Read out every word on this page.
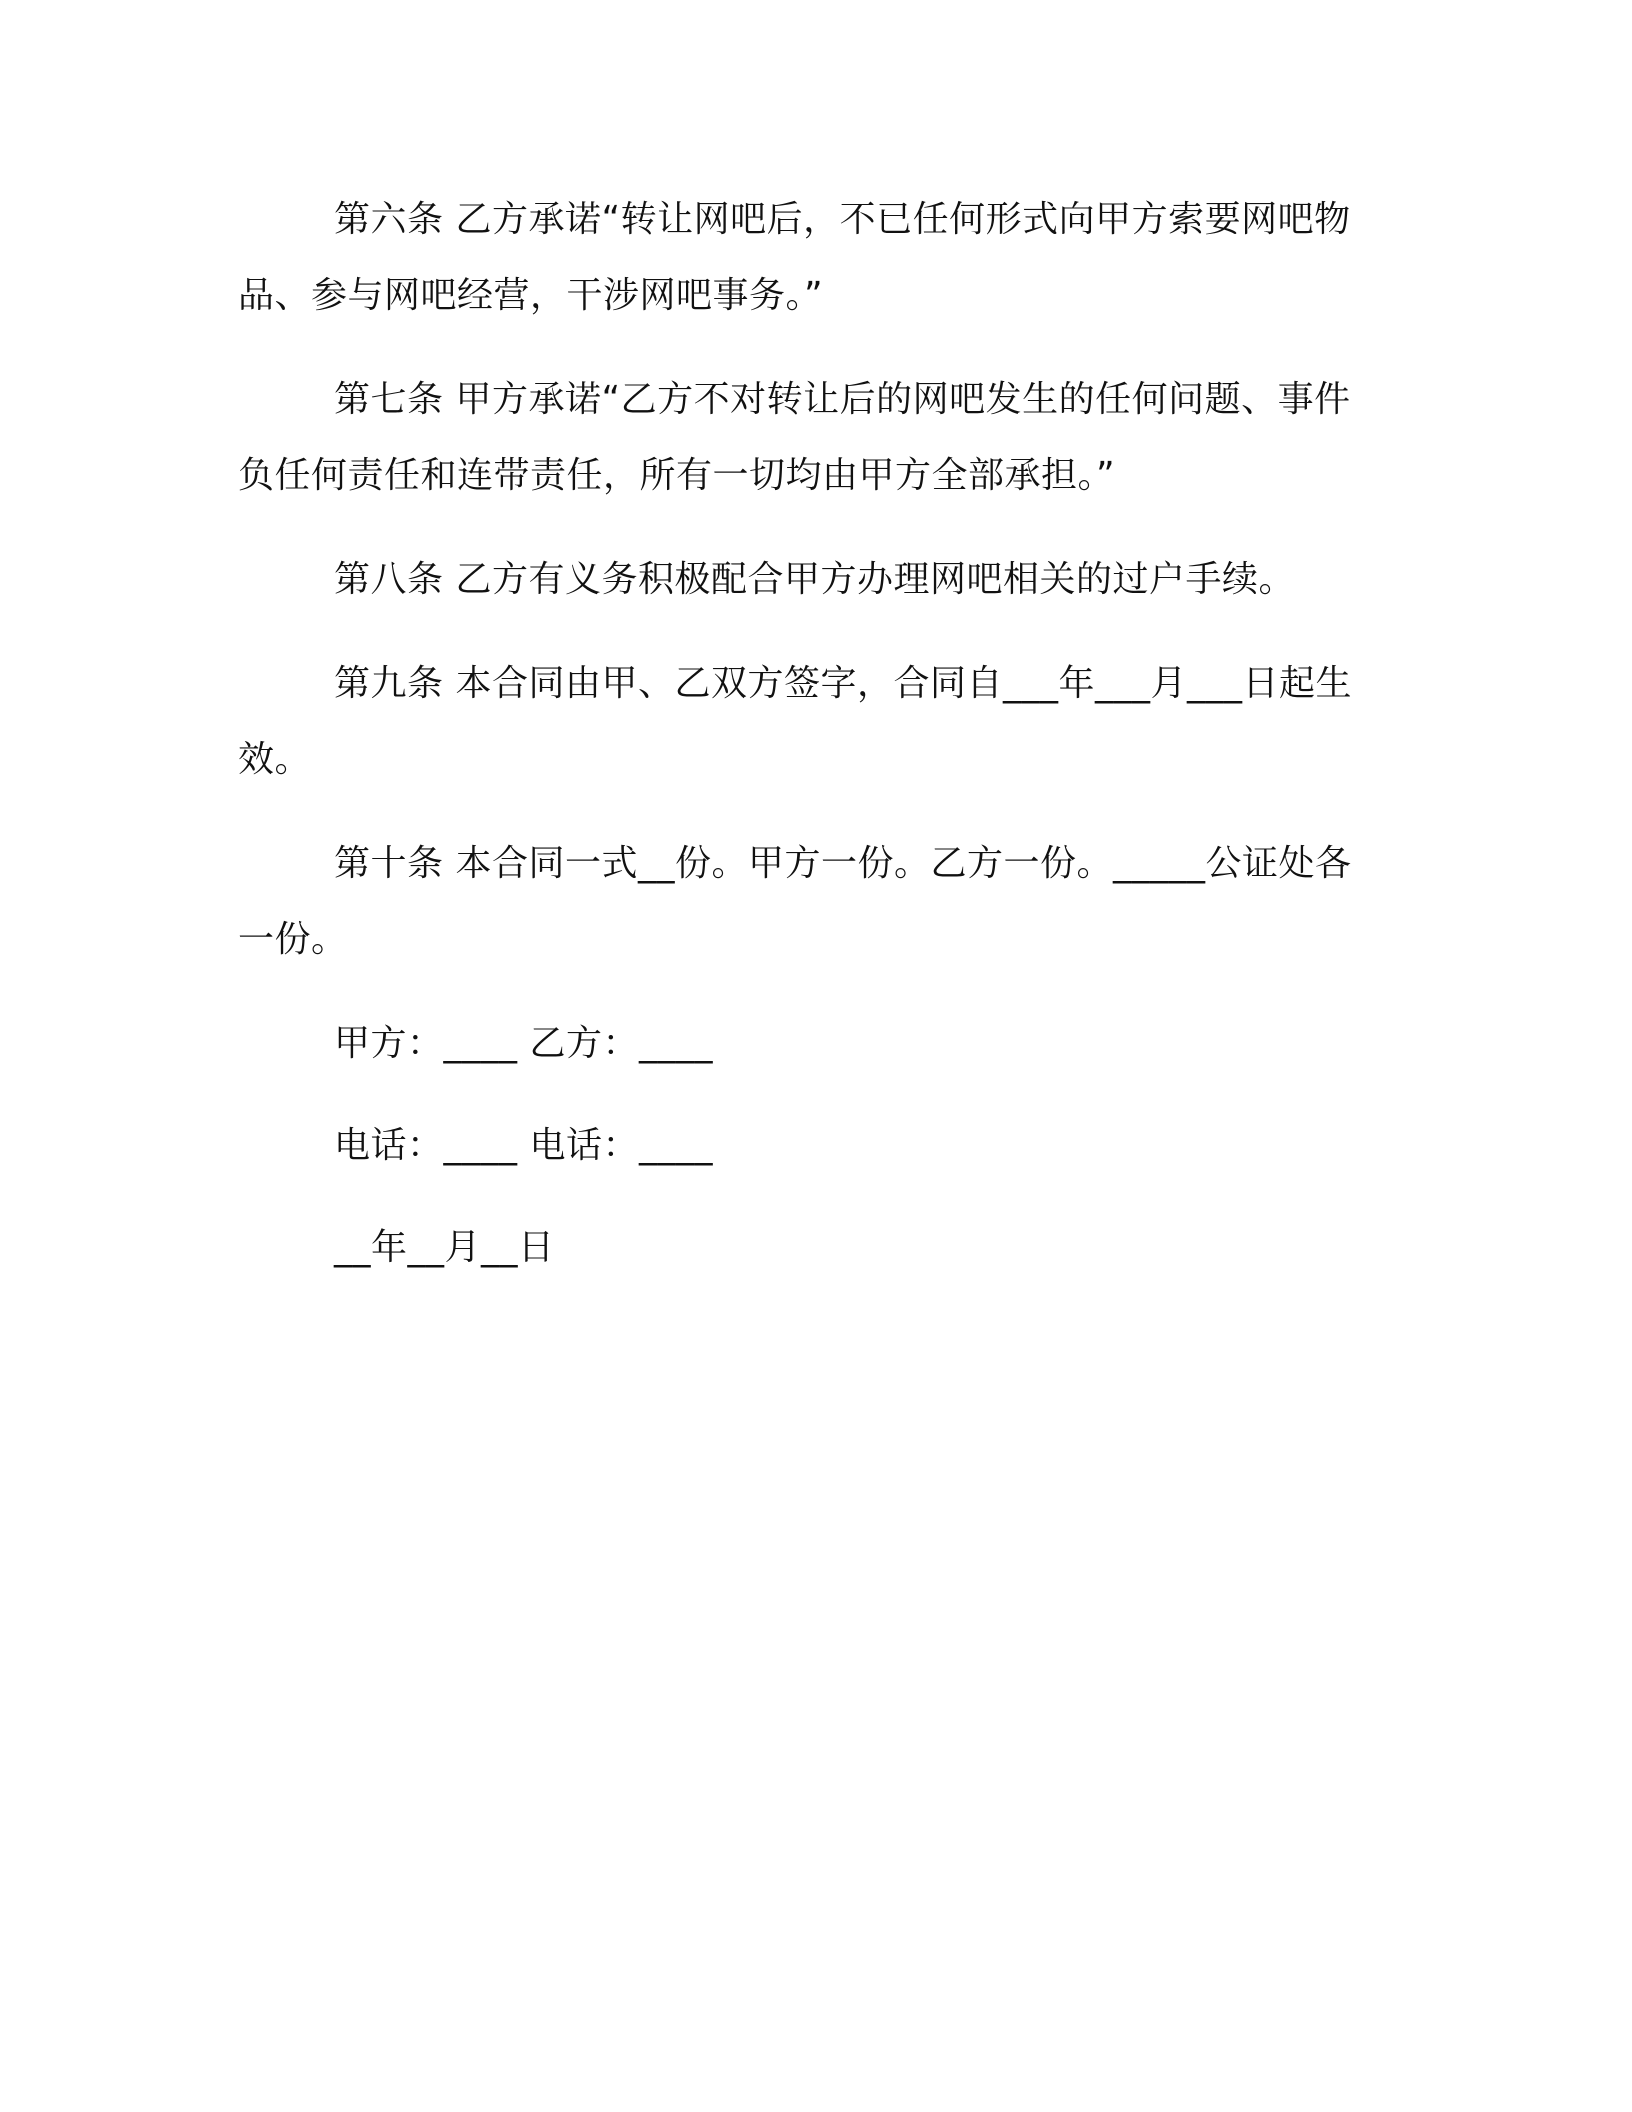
第六条 乙方承诺“转让网吧后，不已任何形式向甲方索要网吧物品、参与网吧经营，干涉网吧事务。”

第七条 甲方承诺“乙方不对转让后的网吧发生的任何问题、事件负任何责任和连带责任，所有一切均由甲方全部承担。”

第八条 乙方有义务积极配合甲方办理网吧相关的过户手续。

第九条 本合同由甲、乙双方签字，合同自___年___月___日起生效。

第十条 本合同一式__份。甲方一份。乙方一份。_____公证处各一份。

甲方：____ 乙方：____

电话：____ 电话：____

__年__月__日
